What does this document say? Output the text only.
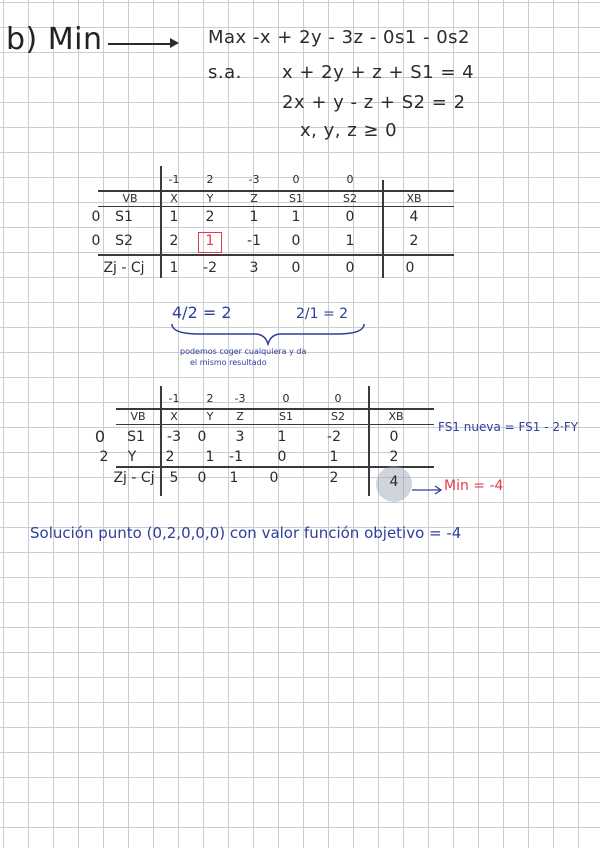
b) Min	Max -x + 2y - 3z - 0s1 - 0s2
s.a. x + 2y + z + S1 = 4
2x + y - z + S2 = 2
x, y, z ≥ 0
-1	2	-3	0	0
VB	X	Y	Z	S1	S2	XB
0	S1	1	2	1	1	0	4
0	S2	2	1	-1	0	1	2
Zj - Cj	1	-2	3	0	0	0
4/2 = 2	2/1 = 2
podemos coger cualquiera y da
el mismo resultado
-1	2	-3	0	0
VB	X	Y	Z	S1	S2	XB
0	S1	-3	0	3	1	-2	0
2	Y	2	1	-1	0	1	2
Zj - Cj	5	0	1	0	2	4
FS1 nueva = FS1 - 2·FY
Min = -4
Solución punto (0,2,0,0,0) con valor función objetivo = -4
